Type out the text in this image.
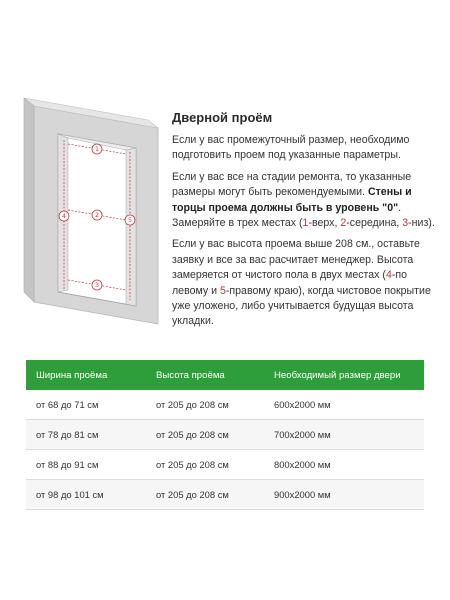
1
2
3
4
5
Дверной проём

Если у вас промежуточный размер, необходимо подготовить проем под указанные параметры.

Если у вас все на стадии ремонта, то указанные размеры могут быть рекомендуемыми. Стены и торцы проема должны быть в уровень "0". Замеряйте в трех местах (1-верх, 2-середина, 3-низ).

Если у вас высота проема выше 208 см., оставьте заявку и все за вас расчитает менеджер. Высота замеряется от чистого пола в двух местах (4-по левому и 5-правому краю), когда чистовое покрытие уже уложено, либо учитывается будущая высота укладки.

Ширина проёма	Высота проёма	Необходимый размер двери
от 68 до 71 см	от 205 до 208 см	600х2000 мм
от 78 до 81 см	от 205 до 208 см	700х2000 мм
от 88 до 91 см	от 205 до 208 см	800х2000 мм
от 98 до 101 см	от 205 до 208 см	900х2000 мм
